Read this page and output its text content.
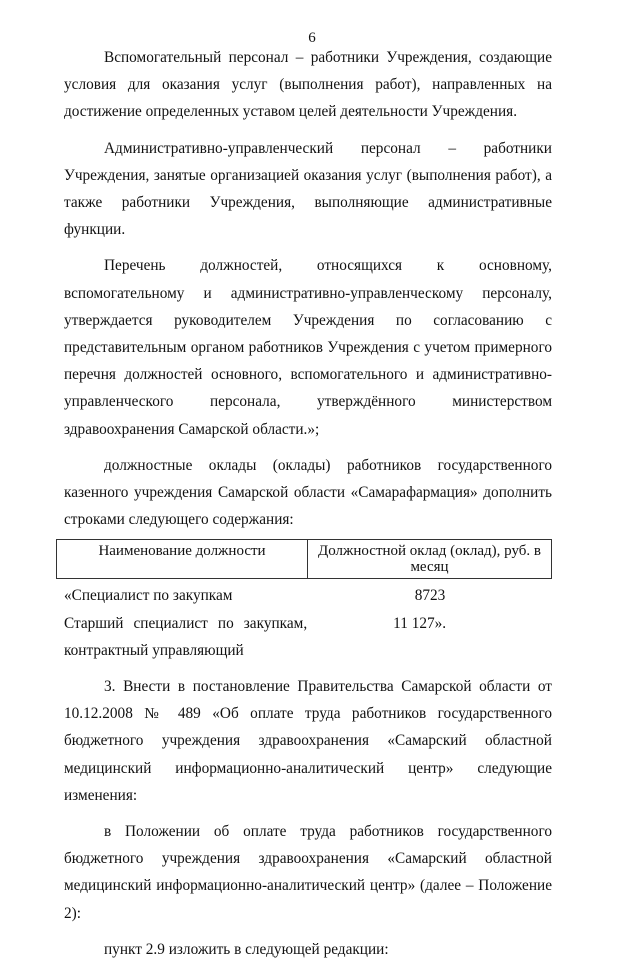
6

Вспомогательный персонал – работники Учреждения, создающие условия для оказания услуг (выполнения работ), направленных на достижение определенных уставом целей деятельности Учреждения.

Административно-управленческий персонал – работники Учреждения, занятые организацией оказания услуг (выполнения работ), а также работники Учреждения, выполняющие административные функции.

Перечень должностей, относящихся к основному, вспомогательному и административно-управленческому персоналу, утверждается руководителем Учреждения по согласованию с представительным органом работников Учреждения с учетом примерного перечня должностей основного, вспомогательного и административно-управленческого персонала, утверждённого министерством здравоохранения Самарской области.»;

должностные оклады (оклады) работников государственного казенного учреждения Самарской области «Самарафармация» дополнить строками следующего содержания:

Наименование должности	Должностной оклад (оклад), руб. в месяц
«Специалист по закупкам	8723
Старший специалист по закупкам,	11 127».
контрактный управляющий

3. Внести в постановление Правительства Самарской области от 10.12.2008 № 489 «Об оплате труда работников государственного бюджетного учреждения здравоохранения «Самарский областной медицинский информационно-аналитический центр» следующие изменения:

в Положении об оплате труда работников государственного бюджетного учреждения здравоохранения «Самарский областной медицинский информационно-аналитический центр» (далее – Положение 2):

пункт 2.9 изложить в следующей редакции:
